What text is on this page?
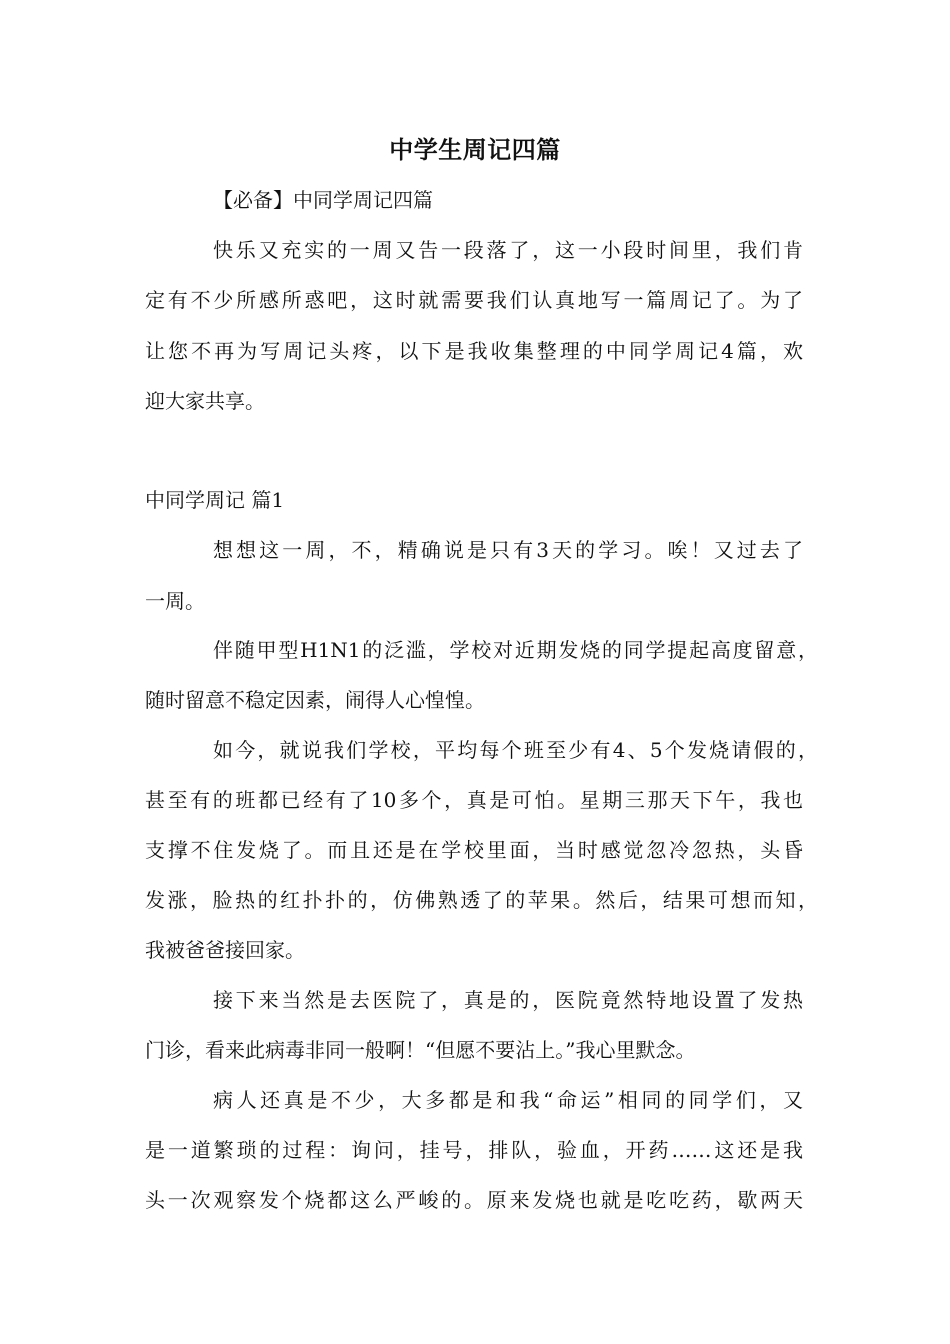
中学生周记四篇
【必备】中同学周记四篇
快乐又充实的一周又告一段落了，这一小段时间里，我们肯
定有不少所感所惑吧，这时就需要我们认真地写一篇周记了。为了
让您不再为写周记头疼，以下是我收集整理的中同学周记4篇，欢
迎大家共享。
中同学周记 篇1
想想这一周，不，精确说是只有3天的学习。唉！又过去了
一周。
伴随甲型H1N1的泛滥，学校对近期发烧的同学提起高度留意，
随时留意不稳定因素，闹得人心惶惶。
如今，就说我们学校，平均每个班至少有4、5个发烧请假的，
甚至有的班都已经有了10多个，真是可怕。星期三那天下午，我也
支撑不住发烧了。而且还是在学校里面，当时感觉忽冷忽热，头昏
发涨，脸热的红扑扑的，仿佛熟透了的苹果。然后，结果可想而知，
我被爸爸接回家。
接下来当然是去医院了，真是的，医院竟然特地设置了发热
门诊，看来此病毒非同一般啊！“但愿不要沾上。”我心里默念。
病人还真是不少，大多都是和我“命运”相同的同学们，又
是一道繁琐的过程：询问，挂号，排队，验血，开药……这还是我
头一次观察发个烧都这么严峻的。原来发烧也就是吃吃药，歇两天
